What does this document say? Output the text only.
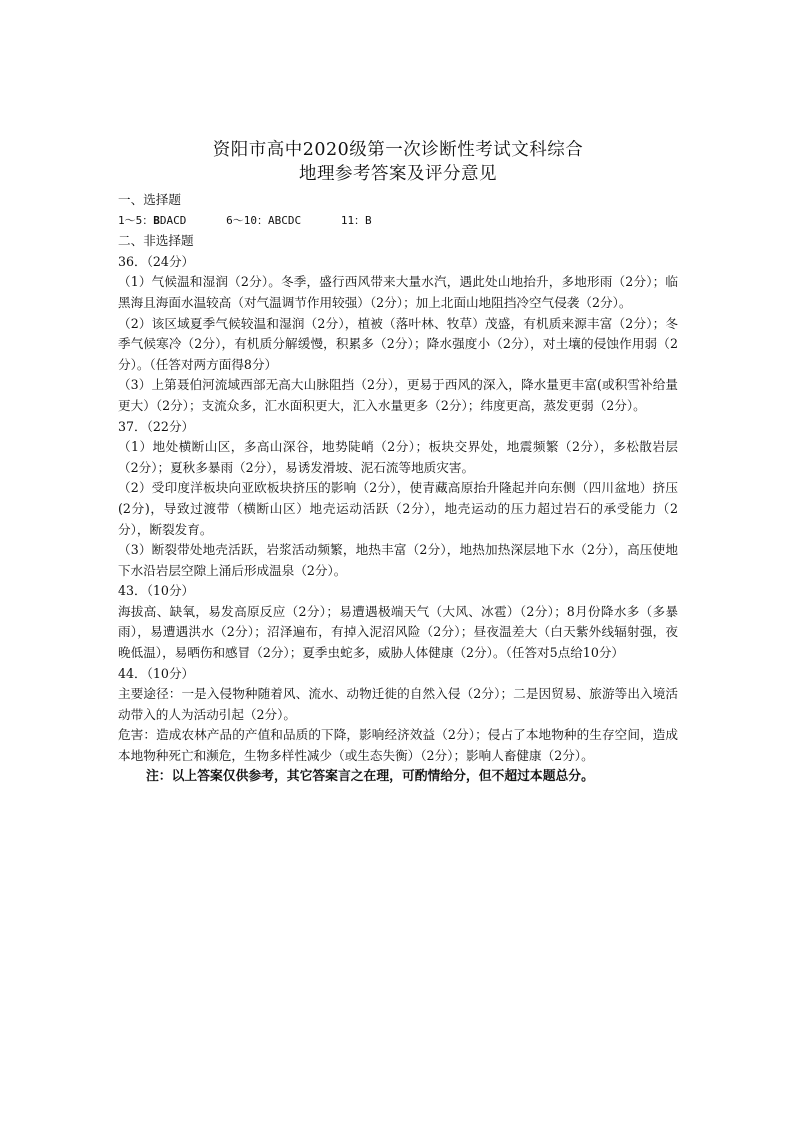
资阳市高中2020级第一次诊断性考试文科综合

地理参考答案及评分意见

一、选择题

1～5：BDACD      6～10：ABCDC      11：B

二、非选择题

36．（24分）

（1）气候温和湿润（2分）。冬季，盛行西风带来大量水汽，遇此处山地抬升，多地形雨（2分）；临黑海且海面水温较高（对气温调节作用较强）（2分）；加上北面山地阻挡冷空气侵袭（2分）。

（2）该区域夏季气候较温和湿润（2分），植被（落叶林、牧草）茂盛，有机质来源丰富（2分）；冬季气候寒冷（2分），有机质分解缓慢，积累多（2分）；降水强度小（2分），对土壤的侵蚀作用弱（2分）。（任答对两方面得8分）

（3）上第聂伯河流域西部无高大山脉阻挡（2分），更易于西风的深入，降水量更丰富(或积雪补给量更大）（2分）；支流众多，汇水面积更大，汇入水量更多（2分）；纬度更高，蒸发更弱（2分）。

37．（22分）

（1）地处横断山区，多高山深谷，地势陡峭（2分）；板块交界处，地震频繁（2分），多松散岩层（2分）；夏秋多暴雨（2分），易诱发滑坡、泥石流等地质灾害。

（2）受印度洋板块向亚欧板块挤压的影响（2分），使青藏高原抬升隆起并向东侧（四川盆地）挤压(2分)，导致过渡带（横断山区）地壳运动活跃（2分），地壳运动的压力超过岩石的承受能力（2分），断裂发育。

（3）断裂带处地壳活跃，岩浆活动频繁，地热丰富（2分），地热加热深层地下水（2分），高压使地下水沿岩层空隙上涌后形成温泉（2分）。

43．（10分）

海拔高、缺氧，易发高原反应（2分）；易遭遇极端天气（大风、冰雹）（2分）；8月份降水多（多暴雨），易遭遇洪水（2分）；沼泽遍布，有掉入泥沼风险（2分）；昼夜温差大（白天紫外线辐射强，夜晚低温），易晒伤和感冒（2分）；夏季虫蛇多，威胁人体健康（2分）。（任答对5点给10分）

44．（10分）

主要途径：一是入侵物种随着风、流水、动物迁徙的自然入侵（2分）；二是因贸易、旅游等出入境活动带入的人为活动引起（2分）。

危害：造成农林产品的产值和品质的下降，影响经济效益（2分）；侵占了本地物种的生存空间，造成本地物种死亡和濒危，生物多样性减少（或生态失衡）（2分）；影响人畜健康（2分）。

注：以上答案仅供参考，其它答案言之在理，可酌情给分，但不超过本题总分。
